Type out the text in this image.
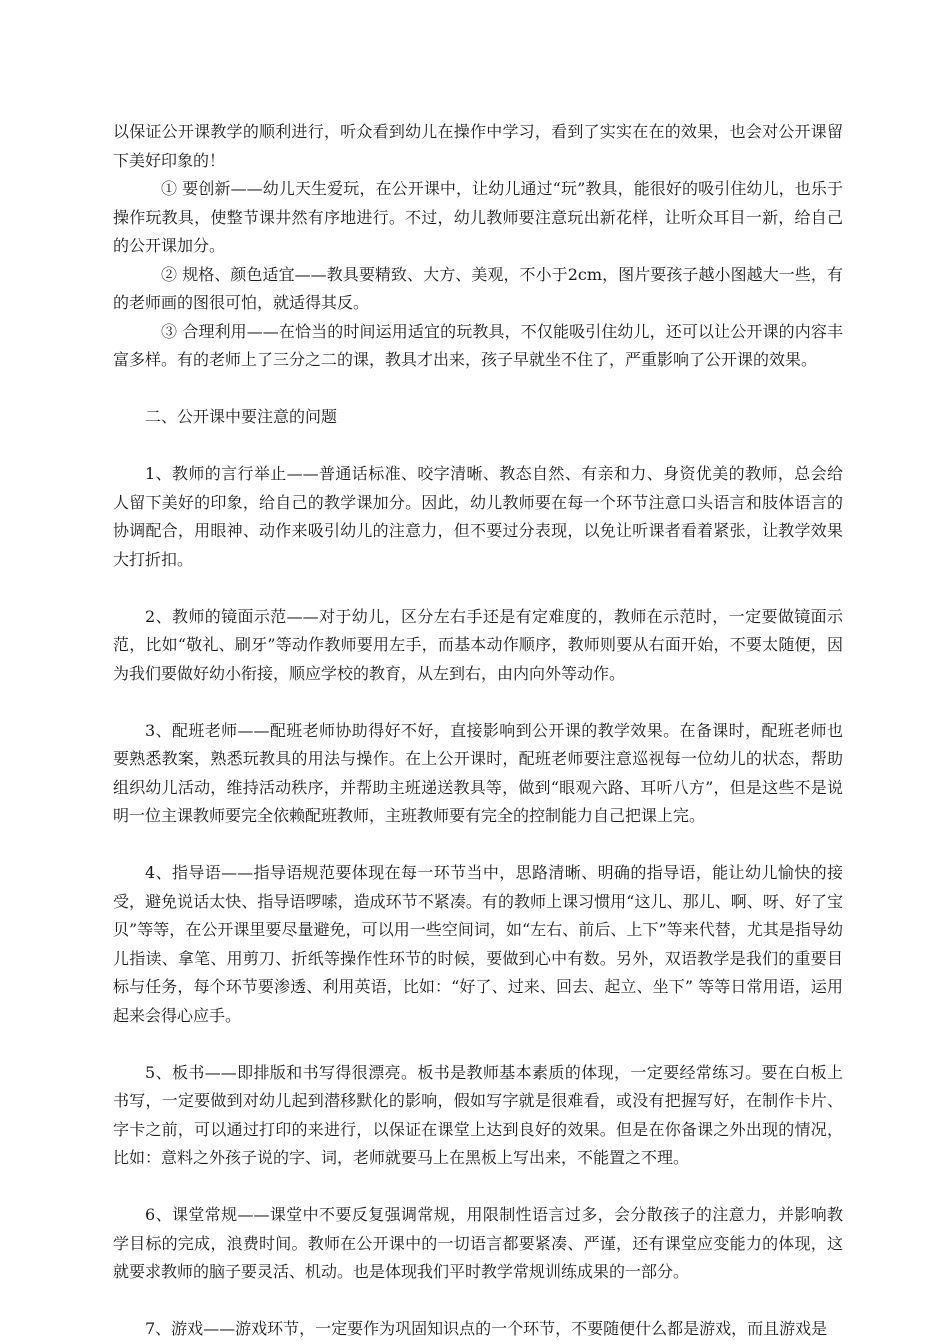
以保证公开课教学的顺利进行，听众看到幼儿在操作中学习，看到了实实在在的效果，也会对公开课留下美好印象的！

① 要创新——幼儿天生爱玩，在公开课中，让幼儿通过“玩”教具，能很好的吸引住幼儿，也乐于操作玩教具，使整节课井然有序地进行。不过，幼儿教师要注意玩出新花样，让听众耳目一新，给自己的公开课加分。

② 规格、颜色适宜——教具要精致、大方、美观，不小于2cm，图片要孩子越小图越大一些，有的老师画的图很可怕，就适得其反。

③ 合理利用——在恰当的时间运用适宜的玩教具，不仅能吸引住幼儿，还可以让公开课的内容丰富多样。有的老师上了三分之二的课，教具才出来，孩子早就坐不住了，严重影响了公开课的效果。

二、公开课中要注意的问题

1、教师的言行举止——普通话标准、咬字清晰、教态自然、有亲和力、身资优美的教师，总会给人留下美好的印象，给自己的教学课加分。因此，幼儿教师要在每一个环节注意口头语言和肢体语言的协调配合，用眼神、动作来吸引幼儿的注意力，但不要过分表现，以免让听课者看着紧张，让教学效果大打折扣。

2、教师的镜面示范——对于幼儿，区分左右手还是有定难度的，教师在示范时，一定要做镜面示范，比如“敬礼、刷牙”等动作教师要用左手，而基本动作顺序，教师则要从右面开始，不要太随便，因为我们要做好幼小衔接，顺应学校的教育，从左到右，由内向外等动作。

3、配班老师——配班老师协助得好不好，直接影响到公开课的教学效果。在备课时，配班老师也要熟悉教案，熟悉玩教具的用法与操作。在上公开课时，配班老师要注意巡视每一位幼儿的状态，帮助组织幼儿活动，维持活动秩序，并帮助主班递送教具等，做到“眼观六路、耳听八方”，但是这些不是说明一位主课教师要完全依赖配班教师，主班教师要有完全的控制能力自己把课上完。

4、指导语——指导语规范要体现在每一环节当中，思路清晰、明确的指导语，能让幼儿愉快的接受，避免说话太快、指导语啰嗦，造成环节不紧凑。有的教师上课习惯用“这儿、那儿、啊、呀、好了宝贝”等等，在公开课里要尽量避免，可以用一些空间词，如“左右、前后、上下”等来代替，尤其是指导幼儿指读、拿笔、用剪刀、折纸等操作性环节的时候，要做到心中有数。另外，双语教学是我们的重要目标与任务，每个环节要渗透、利用英语，比如：“好了、过来、回去、起立、坐下” 等等日常用语，运用起来会得心应手。

5、板书——即排版和书写得很漂亮。板书是教师基本素质的体现，一定要经常练习。要在白板上书写，一定要做到对幼儿起到潜移默化的影响，假如写字就是很难看，或没有把握写好，在制作卡片、字卡之前，可以通过打印的来进行，以保证在课堂上达到良好的效果。但是在你备课之外出现的情况，比如：意料之外孩子说的字、词，老师就要马上在黑板上写出来，不能置之不理。

6、课堂常规——课堂中不要反复强调常规，用限制性语言过多，会分散孩子的注意力，并影响教学目标的完成，浪费时间。教师在公开课中的一切语言都要紧凑、严谨，还有课堂应变能力的体现，这就要求教师的脑子要灵活、机动。也是体现我们平时教学常规训练成果的一部分。

7、游戏——游戏环节，一定要作为巩固知识点的一个环节，不要随便什么都是游戏，而且游戏是
